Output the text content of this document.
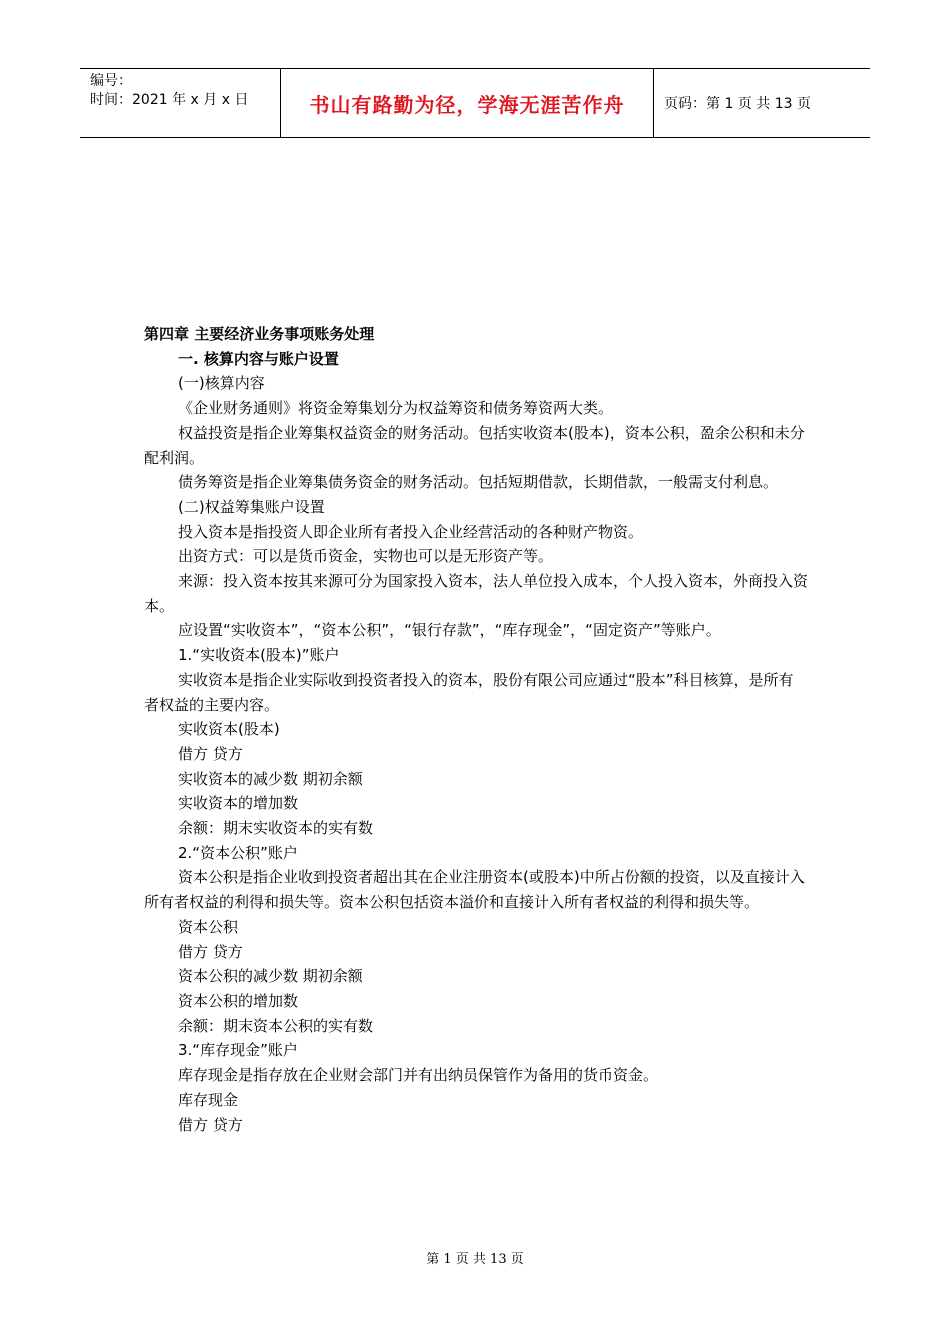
编号：
时间：2021 年 x 月 x 日	书山有路勤为径，学海无涯苦作舟	页码：第 1 页 共 13 页

第四章 主要经济业务事项账务处理

一. 核算内容与账户设置

(一)核算内容

《企业财务通则》将资金筹集划分为权益筹资和债务筹资两大类。

权益投资是指企业筹集权益资金的财务活动。包括实收资本(股本)，资本公积，盈余公积和未分配利润。

债务筹资是指企业筹集债务资金的财务活动。包括短期借款，长期借款，一般需支付利息。

(二)权益筹集账户设置

投入资本是指投资人即企业所有者投入企业经营活动的各种财产物资。

出资方式：可以是货币资金，实物也可以是无形资产等。

来源：投入资本按其来源可分为国家投入资本，法人单位投入成本，个人投入资本，外商投入资本。

应设置“实收资本”，“资本公积”，“银行存款”，“库存现金”，“固定资产”等账户。

1.“实收资本(股本)”账户

实收资本是指企业实际收到投资者投入的资本，股份有限公司应通过“股本”科目核算，是所有者权益的主要内容。

实收资本(股本)

借方 贷方

实收资本的减少数 期初余额

实收资本的增加数

余额：期末实收资本的实有数

2.“资本公积”账户

资本公积是指企业收到投资者超出其在企业注册资本(或股本)中所占份额的投资，以及直接计入所有者权益的利得和损失等。资本公积包括资本溢价和直接计入所有者权益的利得和损失等。

资本公积

借方 贷方

资本公积的减少数 期初余额

资本公积的增加数

余额：期末资本公积的实有数

3.“库存现金”账户

库存现金是指存放在企业财会部门并有出纳员保管作为备用的货币资金。

库存现金

借方 贷方

第 1 页 共 13 页
